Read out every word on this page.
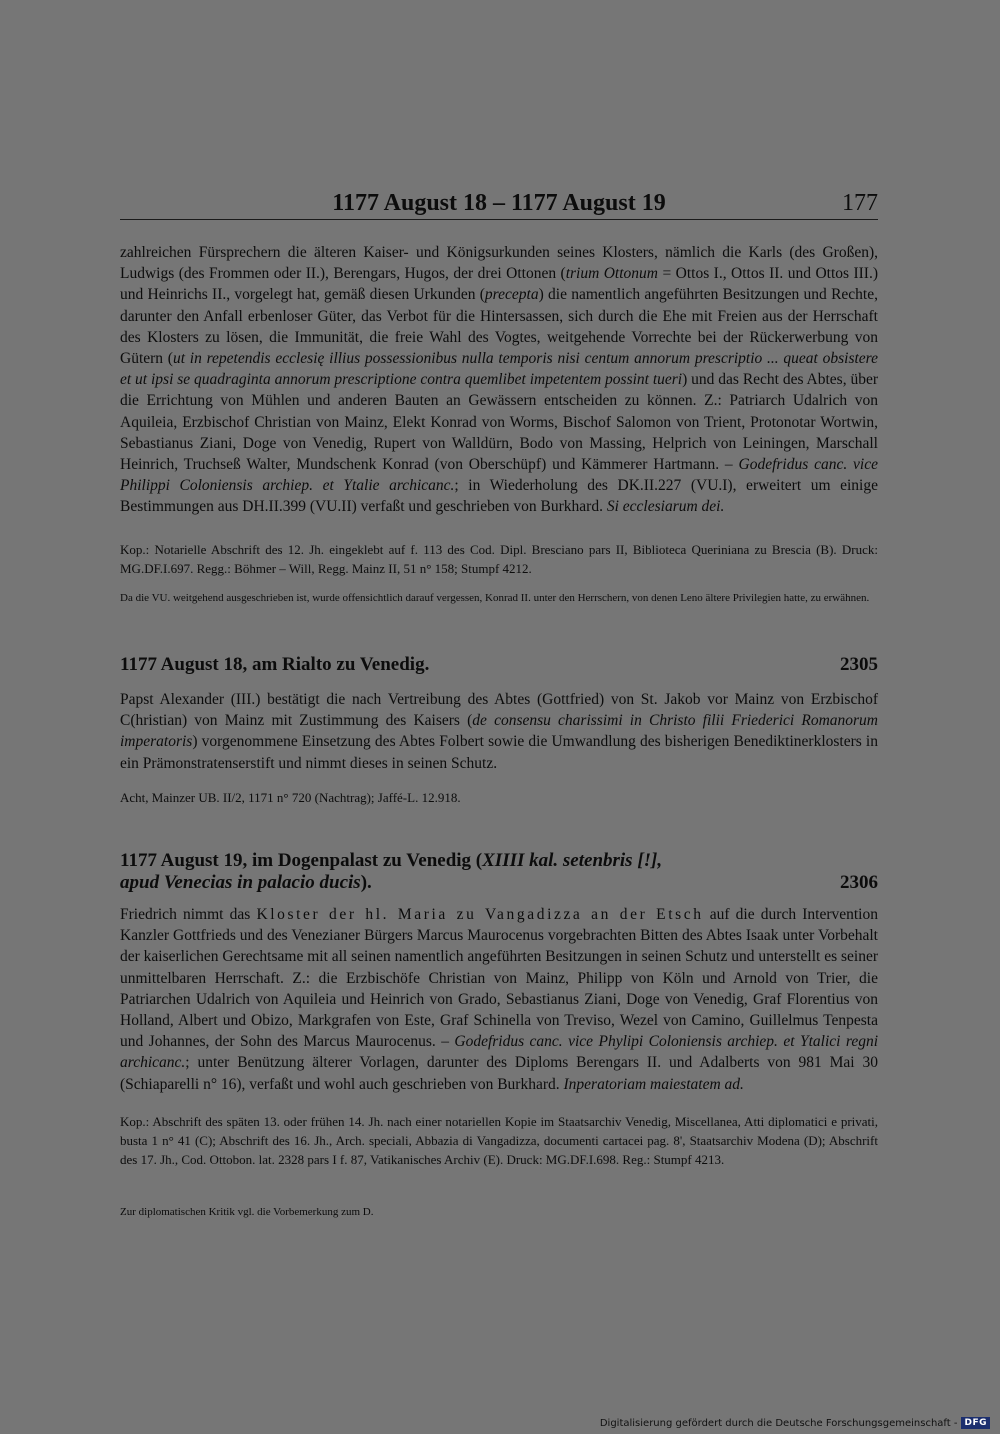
1177 August 18 – 1177 August 19	177

zahlreichen Fürsprechern die älteren Kaiser- und Königsurkunden seines Klosters, nämlich die Karls (des Großen), Ludwigs (des Frommen oder II.), Berengars, Hugos, der drei Ottonen (trium Ottonum = Ottos I., Ottos II. und Ottos III.) und Heinrichs II., vorgelegt hat, gemäß diesen Urkunden (precepta) die namentlich angeführten Besitzungen und Rechte, darunter den Anfall erbenloser Güter, das Verbot für die Hintersassen, sich durch die Ehe mit Freien aus der Herrschaft des Klosters zu lösen, die Immunität, die freie Wahl des Vogtes, weitgehende Vorrechte bei der Rückerwerbung von Gütern (ut in repetendis ecclesię illius possessionibus nulla temporis nisi centum annorum prescriptio ... queat obsistere et ut ipsi se quadraginta annorum prescriptione contra quemlibet impetentem possint tueri) und das Recht des Abtes, über die Errichtung von Mühlen und anderen Bauten an Gewässern entscheiden zu können. Z.: Patriarch Udalrich von Aquileia, Erzbischof Christian von Mainz, Elekt Konrad von Worms, Bischof Salomon von Trient, Protonotar Wortwin, Sebastianus Ziani, Doge von Venedig, Rupert von Walldürn, Bodo von Massing, Helprich von Leiningen, Marschall Heinrich, Truchseß Walter, Mundschenk Konrad (von Oberschüpf) und Kämmerer Hartmann. – Godefridus canc. vice Philippi Coloniensis archiep. et Ytalie archicanc.; in Wiederholung des DK.II.227 (VU.I), erweitert um einige Bestimmungen aus DH.II.399 (VU.II) verfaßt und geschrieben von Burkhard. Si ecclesiarum dei.

Kop.: Notarielle Abschrift des 12. Jh. eingeklebt auf f. 113 des Cod. Dipl. Bresciano pars II, Biblioteca Queriniana zu Brescia (B). Druck: MG.DF.I.697. Regg.: Böhmer – Will, Regg. Mainz II, 51 n° 158; Stumpf 4212.

Da die VU. weitgehend ausgeschrieben ist, wurde offensichtlich darauf vergessen, Konrad II. unter den Herrschern, von denen Leno ältere Privilegien hatte, zu erwähnen.

1177 August 18, am Rialto zu Venedig.	2305

Papst Alexander (III.) bestätigt die nach Vertreibung des Abtes (Gottfried) von St. Jakob vor Mainz von Erzbischof C(hristian) von Mainz mit Zustimmung des Kaisers (de consensu charissimi in Christo filii Friederici Romanorum imperatoris) vorgenommene Einsetzung des Abtes Folbert sowie die Umwandlung des bisherigen Benediktinerklosters in ein Prämonstratenserstift und nimmt dieses in seinen Schutz.

Acht, Mainzer UB. II/2, 1171 n° 720 (Nachtrag); Jaffé-L. 12.918.

1177 August 19, im Dogenpalast zu Venedig (XIIII kal. setenbris [!],
apud Venecias in palacio ducis).	2306

Friedrich nimmt das Kloster der hl. Maria zu Vangadizza an der Etsch auf die durch Intervention Kanzler Gottfrieds und des Venezianer Bürgers Marcus Maurocenus vorgebrachten Bitten des Abtes Isaak unter Vorbehalt der kaiserlichen Gerechtsame mit all seinen namentlich angeführten Besitzungen in seinen Schutz und unterstellt es seiner unmittelbaren Herrschaft. Z.: die Erzbischöfe Christian von Mainz, Philipp von Köln und Arnold von Trier, die Patriarchen Udalrich von Aquileia und Heinrich von Grado, Sebastianus Ziani, Doge von Venedig, Graf Florentius von Holland, Albert und Obizo, Markgrafen von Este, Graf Schinella von Treviso, Wezel von Camino, Guillelmus Tenpesta und Johannes, der Sohn des Marcus Maurocenus. – Godefridus canc. vice Phylipi Coloniensis archiep. et Ytalici regni archicanc.; unter Benützung älterer Vorlagen, darunter des Diploms Berengars II. und Adalberts von 981 Mai 30 (Schiaparelli n° 16), verfaßt und wohl auch geschrieben von Burkhard. Inperatoriam maiestatem ad.

Kop.: Abschrift des späten 13. oder frühen 14. Jh. nach einer notariellen Kopie im Staatsarchiv Venedig, Miscellanea, Atti diplomatici e privati, busta 1 n° 41 (C); Abschrift des 16. Jh., Arch. speciali, Abbazia di Vangadizza, documenti cartacei pag. 8', Staatsarchiv Modena (D); Abschrift des 17. Jh., Cod. Ottobon. lat. 2328 pars I f. 87, Vatikanisches Archiv (E). Druck: MG.DF.I.698. Reg.: Stumpf 4213.

Zur diplomatischen Kritik vgl. die Vorbemerkung zum D.

Digitalisierung gefördert durch die Deutsche Forschungsgemeinschaft - DFG
